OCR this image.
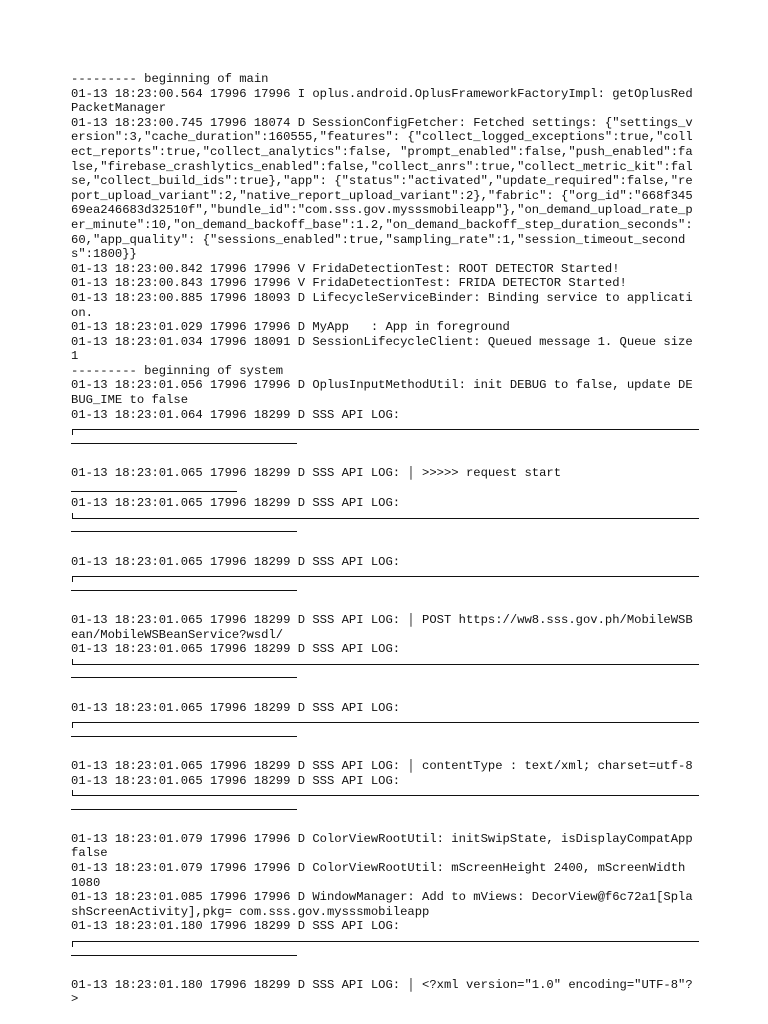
--------- beginning of main

01-13 18:23:00.564 17996 17996 I oplus.android.OplusFrameworkFactoryImpl: getOplusRedPacketManager

01-13 18:23:00.745 17996 18074 D SessionConfigFetcher: Fetched settings: {"settings_version":3,"cache_duration":160555,"features": {"collect_logged_exceptions":true,"collect_reports":true,"collect_analytics":false, "prompt_enabled":false,"push_enabled":false,"firebase_crashlytics_enabled":false,"collect_anrs":true,"collect_metric_kit":false,"collect_build_ids":true},"app": {"status":"activated","update_required":false,"report_upload_variant":2,"native_report_upload_variant":2},"fabric": {"org_id":"668f34569ea246683d32510f","bundle_id":"com.sss.gov.mysssmobileapp"},"on_demand_upload_rate_per_minute":10,"on_demand_backoff_base":1.2,"on_demand_backoff_step_duration_seconds":60,"app_quality": {"sessions_enabled":true,"sampling_rate":1,"session_timeout_seconds":1800}}

01-13 18:23:00.842 17996 17996 V FridaDetectionTest: ROOT DETECTOR Started!

01-13 18:23:00.843 17996 17996 V FridaDetectionTest: FRIDA DETECTOR Started!

01-13 18:23:00.885 17996 18093 D LifecycleServiceBinder: Binding service to application.

01-13 18:23:01.029 17996 17996 D MyApp   : App in foreground

01-13 18:23:01.034 17996 18091 D SessionLifecycleClient: Queued message 1. Queue size 1

--------- beginning of system

01-13 18:23:01.056 17996 17996 D OplusInputMethodUtil: init DEBUG to false, update DEBUG_IME to false

01-13 18:23:01.064 17996 18299 D SSS API LOG:

01-13 18:23:01.065 17996 18299 D SSS API LOG: │ >>>>> request start

01-13 18:23:01.065 17996 18299 D SSS API LOG:

01-13 18:23:01.065 17996 18299 D SSS API LOG:

01-13 18:23:01.065 17996 18299 D SSS API LOG: │ POST https://ww8.sss.gov.ph/MobileWSBean/MobileWSBeanService?wsdl/

01-13 18:23:01.065 17996 18299 D SSS API LOG:

01-13 18:23:01.065 17996 18299 D SSS API LOG:

01-13 18:23:01.065 17996 18299 D SSS API LOG: │ contentType : text/xml; charset=utf-8

01-13 18:23:01.065 17996 18299 D SSS API LOG:

01-13 18:23:01.079 17996 17996 D ColorViewRootUtil: initSwipState, isDisplayCompatApp false

01-13 18:23:01.079 17996 17996 D ColorViewRootUtil: mScreenHeight 2400, mScreenWidth 1080

01-13 18:23:01.085 17996 17996 D WindowManager: Add to mViews: DecorView@f6c72a1[SplashScreenActivity],pkg= com.sss.gov.mysssmobileapp

01-13 18:23:01.180 17996 18299 D SSS API LOG:

01-13 18:23:01.180 17996 18299 D SSS API LOG: │ <?xml version="1.0" encoding="UTF-8"?>
